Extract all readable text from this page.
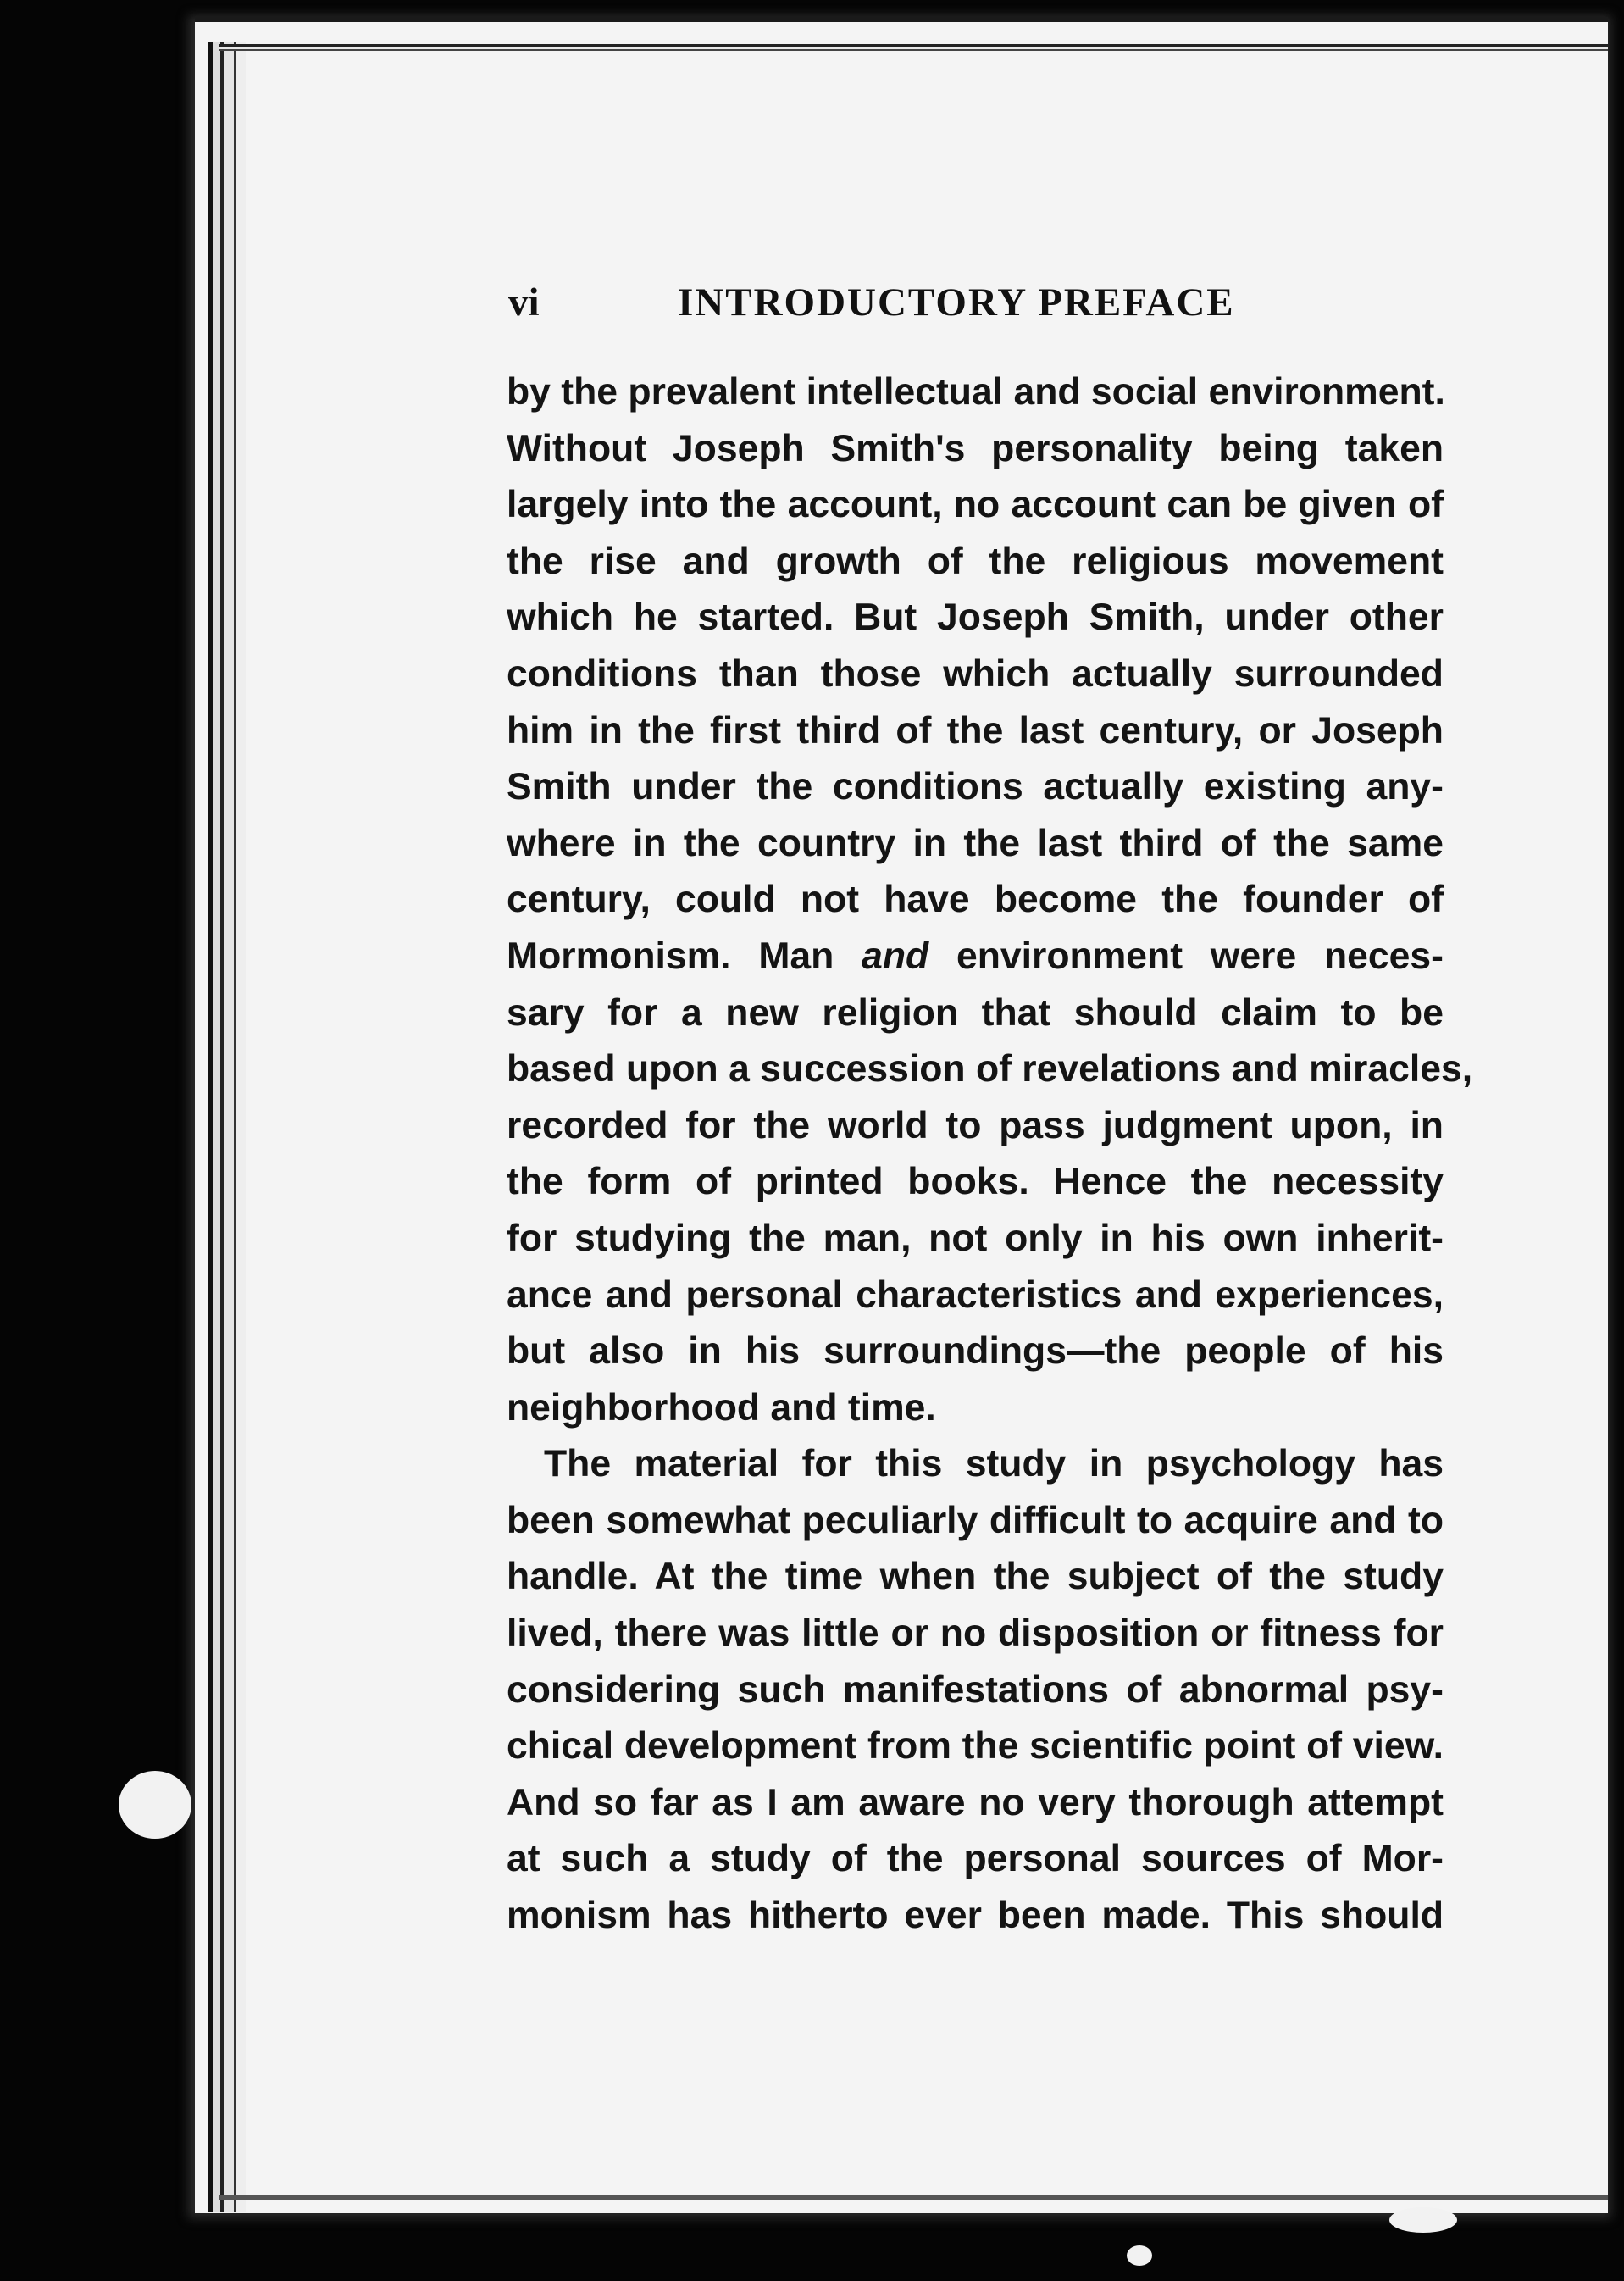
vi	INTRODUCTORY PREFACE
by the prevalent intellectual and social environment.
Without Joseph Smith's personality being taken
largely into the account, no account can be given of
the rise and growth of the religious movement
which he started. But Joseph Smith, under other
conditions than those which actually surrounded
him in the first third of the last century, or Joseph
Smith under the conditions actually existing any-
where in the country in the last third of the same
century, could not have become the founder of
Mormonism. Man and environment were neces-
sary for a new religion that should claim to be
based upon a succession of revelations and miracles,
recorded for the world to pass judgment upon, in
the form of printed books. Hence the necessity
for studying the man, not only in his own inherit-
ance and personal characteristics and experiences,
but also in his surroundings—the people of his
neighborhood and time.
The material for this study in psychology has
been somewhat peculiarly difficult to acquire and to
handle. At the time when the subject of the study
lived, there was little or no disposition or fitness for
considering such manifestations of abnormal psy-
chical development from the scientific point of view.
And so far as I am aware no very thorough attempt
at such a study of the personal sources of Mor-
monism has hitherto ever been made. This should
